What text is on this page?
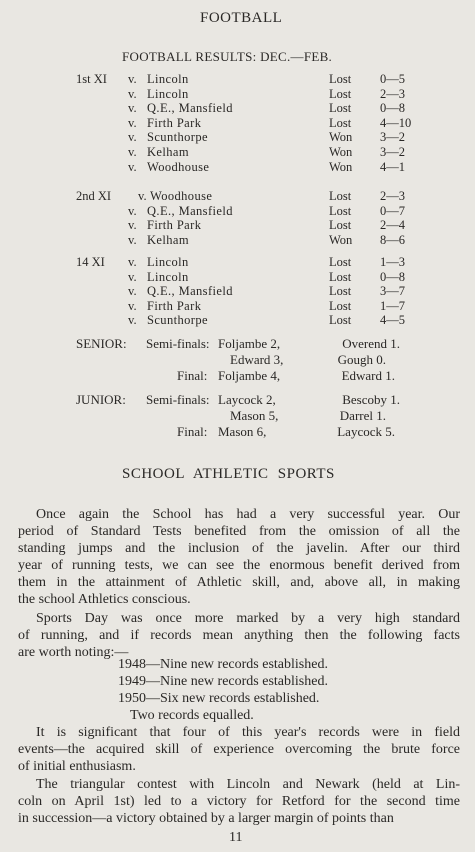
FOOTBALL
FOOTBALL RESULTS: DEC.—FEB.
1st XI v. Lincoln	Lost 0—5
v. Lincoln	Lost 2—3
v. Q.E., Mansfield	Lost 0—8
v. Firth Park	Lost 4—10
v. Scunthorpe	Won 3—2
v. Kelham	Won 3—2
v. Woodhouse	Won 4—1
2nd XI v. Woodhouse	Lost 2—3
v. Q.E., Mansfield	Lost 0—7
v. Firth Park	Lost 2—4
v. Kelham	Won 8—6
14 XI v. Lincoln	Lost 1—3
v. Lincoln	Lost 0—8
v. Q.E., Mansfield	Lost 3—7
v. Firth Park	Lost 1—7
v. Scunthorpe	Lost 4—5
SENIOR: Semi-finals: Foljambe 2,	Overend 1.
Edward 3,	Gough 0.
Final: Foljambe 4,	Edward 1.
JUNIOR: Semi-finals: Laycock 2,	Bescoby 1.
Mason 5,	Darrel 1.
Final: Mason 6,	Laycock 5.
SCHOOL ATHLETIC SPORTS
Once again the School has had a very successful year. Our
period of Standard Tests benefited from the omission of all the
standing jumps and the inclusion of the javelin. After our third
year of running tests, we can see the enormous benefit derived from
them in the attainment of Athletic skill, and, above all, in making
the school Athletics conscious.
Sports Day was once more marked by a very high standard
of running, and if records mean anything then the following facts
are worth noting:—
1948—Nine new records established.
1949—Nine new records established.
1950—Six new records established.
Two records equalled.
It is significant that four of this year's records were in field
events—the acquired skill of experience overcoming the brute force
of initial enthusiasm.
The triangular contest with Lincoln and Newark (held at Lin-
coln on April 1st) led to a victory for Retford for the second time
in succession—a victory obtained by a larger margin of points than
11
